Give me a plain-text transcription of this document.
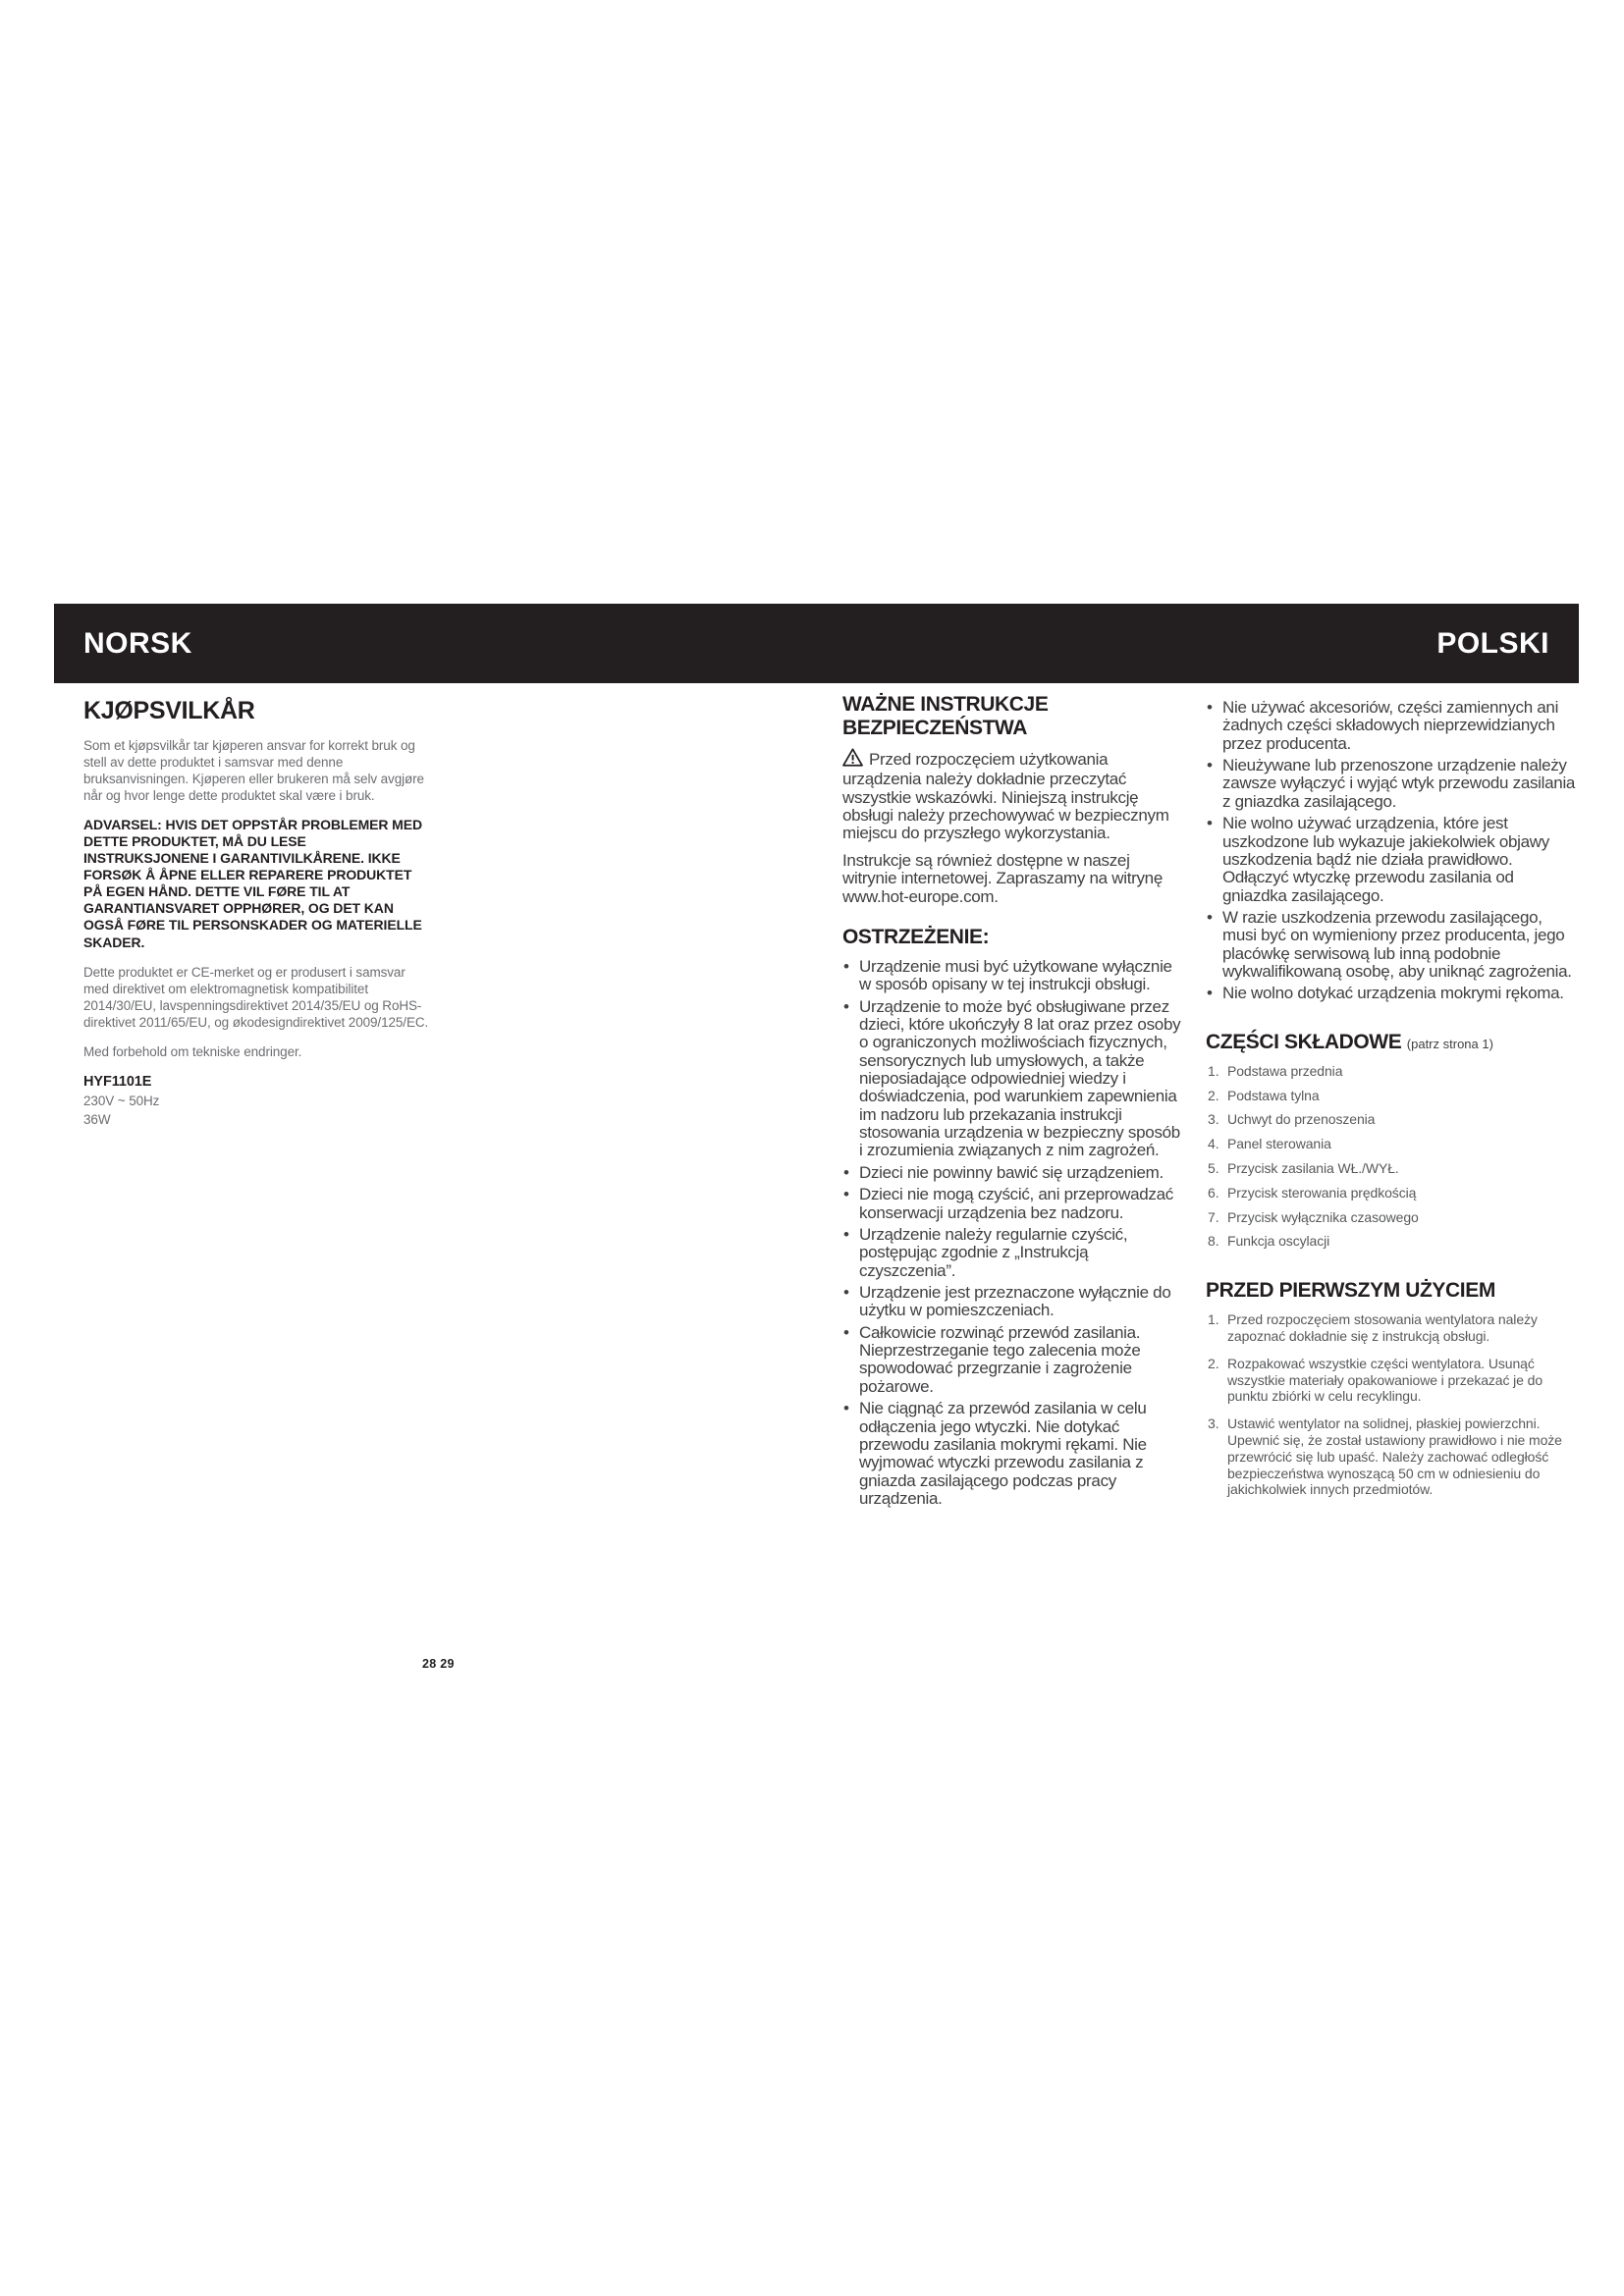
NORSK	POLSKI
KJØPSVILKÅR

Som et kjøpsvilkår tar kjøperen ansvar for korrekt bruk og stell av dette produktet i samsvar med denne bruksanvisningen. Kjøperen eller brukeren må selv avgjøre når og hvor lenge dette produktet skal være i bruk.

ADVARSEL: HVIS DET OPPSTÅR PROBLEMER MED DETTE PRODUKTET, MÅ DU LESE INSTRUKSJONENE I GARANTIVILKÅRENE. IKKE FORSØK Å ÅPNE ELLER REPARERE PRODUKTET PÅ EGEN HÅND. DETTE VIL FØRE TIL AT GARANTIANSVARET OPPHØRER, OG DET KAN OGSÅ FØRE TIL PERSONSKADER OG MATERIELLE SKADER.

Dette produktet er CE-merket og er produsert i samsvar med direktivet om elektromagnetisk kompatibilitet 2014/30/EU, lavspenningsdirektivet 2014/35/EU og RoHS-direktivet 2011/65/EU, og økodesigndirektivet 2009/125/EC.

Med forbehold om tekniske endringer.

HYF1101E

230V ~ 50Hz

36W

WAŻNE INSTRUKCJE BEZPIECZEŃSTWA

Przed rozpoczęciem użytkowania urządzenia należy dokładnie przeczytać wszystkie wskazówki. Niniejszą instrukcję obsługi należy przechowywać w bezpiecznym miejscu do przyszłego wykorzystania.

Instrukcje są również dostępne w naszej witrynie internetowej. Zapraszamy na witrynę www.hot-europe.com.

OSTRZEŻENIE:
• Urządzenie musi być użytkowane wyłącznie w sposób opisany w tej instrukcji obsługi.
• Urządzenie to może być obsługiwane przez dzieci, które ukończyły 8 lat oraz przez osoby o ograniczonych możliwościach fizycznych, sensorycznych lub umysłowych, a także nieposiadające odpowiedniej wiedzy i doświadczenia, pod warunkiem zapewnienia im nadzoru lub przekazania instrukcji stosowania urządzenia w bezpieczny sposób i zrozumienia związanych z nim zagrożeń.
• Dzieci nie powinny bawić się urządzeniem.
• Dzieci nie mogą czyścić, ani przeprowadzać konserwacji urządzenia bez nadzoru.
• Urządzenie należy regularnie czyścić, postępując zgodnie z „Instrukcją czyszczenia”.
• Urządzenie jest przeznaczone wyłącznie do użytku w pomieszczeniach.
• Całkowicie rozwinąć przewód zasilania. Nieprzestrzeganie tego zalecenia może spowodować przegrzanie i zagrożenie pożarowe.
• Nie ciągnąć za przewód zasilania w celu odłączenia jego wtyczki. Nie dotykać przewodu zasilania mokrymi rękami. Nie wyjmować wtyczki przewodu zasilania z gniazda zasilającego podczas pracy urządzenia.
• Nie używać akcesoriów, części zamiennych ani żadnych części składowych nieprzewidzianych przez producenta.
• Nieużywane lub przenoszone urządzenie należy zawsze wyłączyć i wyjąć wtyk przewodu zasilania z gniazdka zasilającego.
• Nie wolno używać urządzenia, które jest uszkodzone lub wykazuje jakiekolwiek objawy uszkodzenia bądź nie działa prawidłowo. Odłączyć wtyczkę przewodu zasilania od gniazdka zasilającego.
• W razie uszkodzenia przewodu zasilającego, musi być on wymieniony przez producenta, jego placówkę serwisową lub inną podobnie wykwalifikowaną osobę, aby uniknąć zagrożenia.
• Nie wolno dotykać urządzenia mokrymi rękoma.
CZĘŚCI SKŁADOWE (patrz strona 1)
Podstawa przednia
Podstawa tylna
Uchwyt do przenoszenia
Panel sterowania
Przycisk zasilania WŁ./WYŁ.
Przycisk sterowania prędkością
Przycisk wyłącznika czasowego
Funkcja oscylacji
PRZED PIERWSZYM UŻYCIEM
Przed rozpoczęciem stosowania wentylatora należy zapoznać dokładnie się z instrukcją obsługi.
Rozpakować wszystkie części wentylatora. Usunąć wszystkie materiały opakowaniowe i przekazać je do punktu zbiórki w celu recyklingu.
Ustawić wentylator na solidnej, płaskiej powierzchni. Upewnić się, że został ustawiony prawidłowo i nie może przewrócić się lub upaść. Należy zachować odległość bezpieczeństwa wynoszącą 50 cm w odniesieniu do jakichkolwiek innych przedmiotów.
28 29
